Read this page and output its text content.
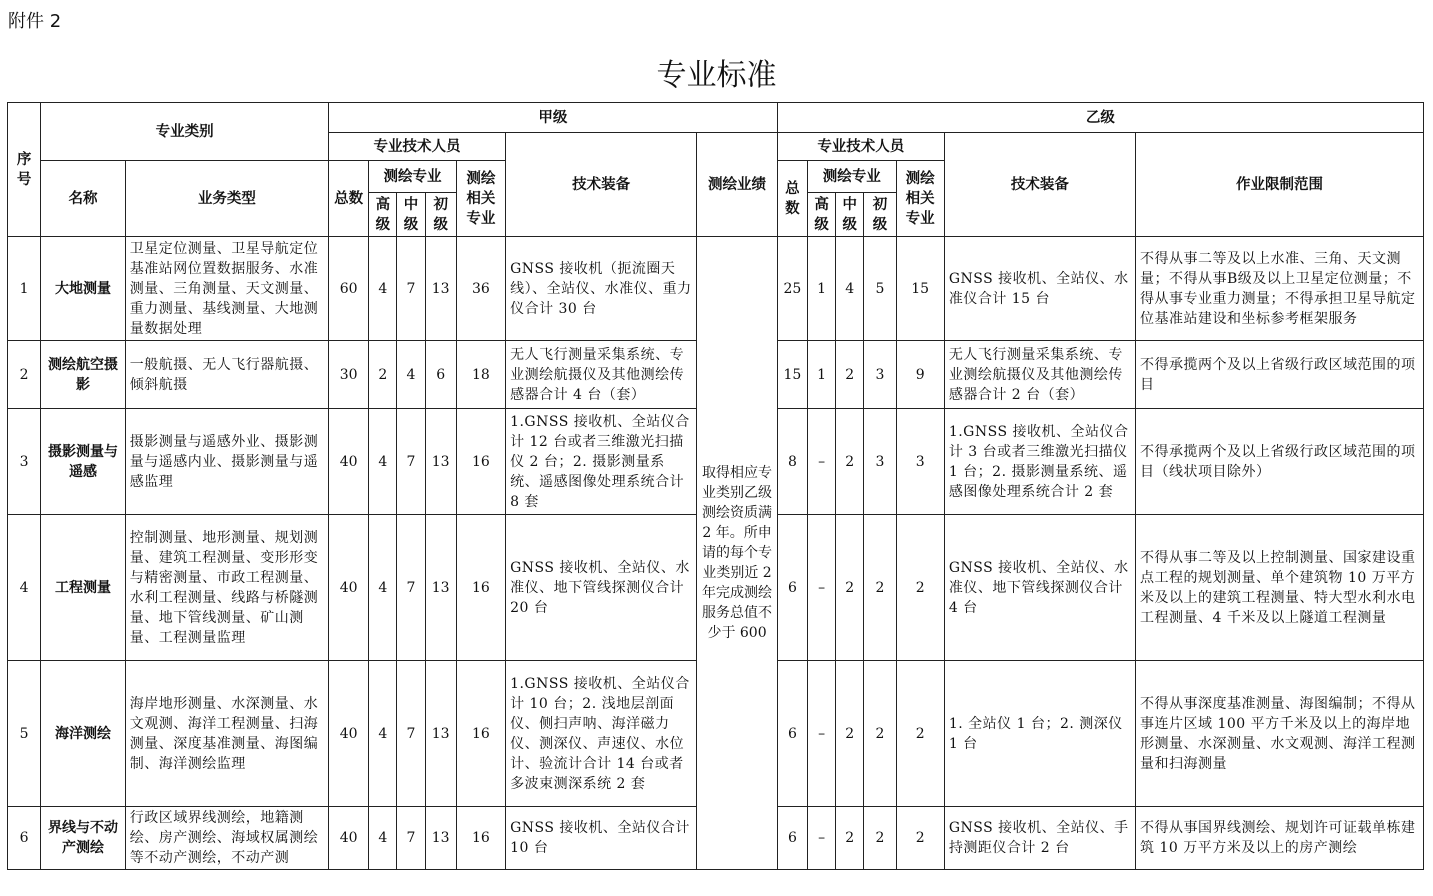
附件 2
专业标准
序号	专业类别		甲级							乙级						
			专业技术人员					技术装备	测绘业绩	专业技术人员					技术装备	作业限制范围
	名称	业务类型	总数	测绘专业			测绘相关专业			总数	测绘专业			测绘相关专业		
				高级	中级	初级					高级	中级	初级			
1	大地测量	卫星定位测量、卫星导航定位基准站网位置数据服务、水准测量、三角测量、天文测量、重力测量、基线测量、大地测量数据处理	60	4	7	13	36	GNSS 接收机（扼流圈天线）、全站仪、水准仪、重力仪合计 30 台	取得相应专业类别乙级测绘资质满 2 年。所申请的每个专业类别近 2 年完成测绘服务总值不少于 600	25	1	4	5	15	GNSS 接收机、全站仪、水准仪合计 15 台	不得从事二等及以上水准、三角、天文测量；不得从事B级及以上卫星定位测量；不得从事专业重力测量；不得承担卫星导航定位基准站建设和坐标参考框架服务
2	测绘航空摄影	一般航摄、无人飞行器航摄、倾斜航摄	30	2	4	6	18	无人飞行测量采集系统、专业测绘航摄仪及其他测绘传感器合计 4 台（套）		15	1	2	3	9	无人飞行测量采集系统、专业测绘航摄仪及其他测绘传感器合计 2 台（套）	不得承揽两个及以上省级行政区域范围的项目
3	摄影测量与遥感	摄影测量与遥感外业、摄影测量与遥感内业、摄影测量与遥感监理	40	4	7	13	16	1.GNSS 接收机、全站仪合计 12 台或者三维激光扫描仪 2 台；2. 摄影测量系统、遥感图像处理系统合计 8 套		8	–	2	3	3	1.GNSS 接收机、全站仪合计 3 台或者三维激光扫描仪 1 台；2. 摄影测量系统、遥感图像处理系统合计 2 套	不得承揽两个及以上省级行政区域范围的项目（线状项目除外）
4	工程测量	控制测量、地形测量、规划测量、建筑工程测量、变形形变与精密测量、市政工程测量、水利工程测量、线路与桥隧测量、地下管线测量、矿山测量、工程测量监理	40	4	7	13	16	GNSS 接收机、全站仪、水准仪、地下管线探测仪合计 20 台		6	–	2	2	2	GNSS 接收机、全站仪、水准仪、地下管线探测仪合计 4 台	不得从事二等及以上控制测量、国家建设重点工程的规划测量、单个建筑物 10 万平方米及以上的建筑工程测量、特大型水利水电工程测量、4 千米及以上隧道工程测量
5	海洋测绘	海岸地形测量、水深测量、水文观测、海洋工程测量、扫海测量、深度基准测量、海图编制、海洋测绘监理	40	4	7	13	16	1.GNSS 接收机、全站仪合计 10 台；2. 浅地层剖面仪、侧扫声呐、海洋磁力仪、测深仪、声速仪、水位计、验流计合计 14 台或者多波束测深系统 2 套		6	–	2	2	2	1. 全站仪 1 台；2. 测深仪 1 台	不得从事深度基准测量、海图编制；不得从事连片区域 100 平方千米及以上的海岸地形测量、水深测量、水文观测、海洋工程测量和扫海测量
6	界线与不动产测绘	行政区域界线测绘，地籍测绘、房产测绘、海域权属测绘等不动产测绘，不动产测	40	4	7	13	16	GNSS 接收机、全站仪合计 10 台		6	–	2	2	2	GNSS 接收机、全站仪、手持测距仪合计 2 台	不得从事国界线测绘、规划许可证载单栋建筑 10 万平方米及以上的房产测绘
